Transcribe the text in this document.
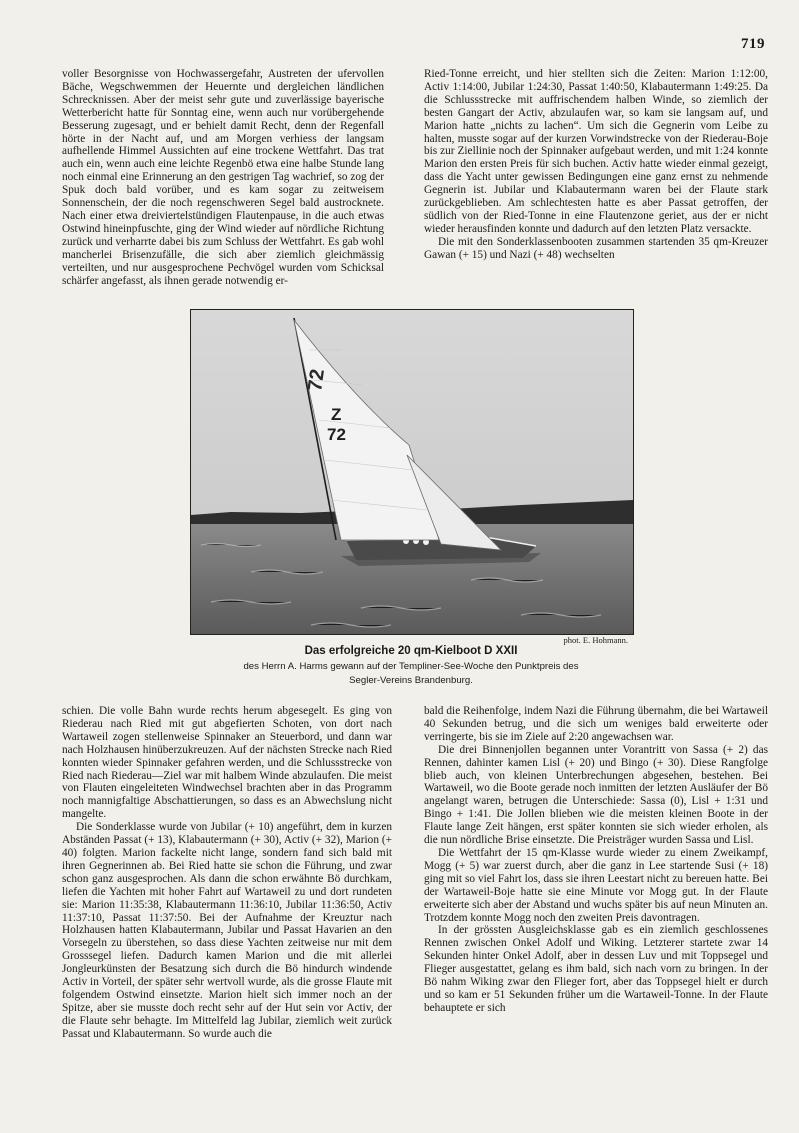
719

voller Besorgnisse von Hochwassergefahr, Austreten der ufervollen Bäche, Wegschwemmen der Heuernte und dergleichen ländlichen Schrecknissen. Aber der meist sehr gute und zuverlässige bayerische Wetterbericht hatte für Sonntag eine, wenn auch nur vorübergehende Besserung zugesagt, und er behielt damit Recht, denn der Regenfall hörte in der Nacht auf, und am Morgen verhiess der langsam aufhellende Himmel Aussichten auf eine trockene Wettfahrt. Das trat auch ein, wenn auch eine leichte Regenbö etwa eine halbe Stunde lang noch einmal eine Erinnerung an den gestrigen Tag wachrief, so zog der Spuk doch bald vorüber, und es kam sogar zu zeitweisem Sonnenschein, der die noch regenschweren Segel bald austrocknete. Nach einer etwa dreiviertelstündigen Flautenpause, in die auch etwas Ostwind hineinpfuschte, ging der Wind wieder auf nördliche Richtung zurück und verharrte dabei bis zum Schluss der Wettfahrt. Es gab wohl mancherlei Brisenzufälle, die sich aber ziemlich gleichmässig verteilten, und nur ausgesprochene Pechvögel wurden vom Schicksal schärfer angefasst, als ihnen gerade notwendig er-

Ried-Tonne erreicht, und hier stellten sich die Zeiten: Marion 1:12:00, Activ 1:14:00, Jubilar 1:24:30, Passat 1:40:50, Klabautermann 1:49:25. Da die Schlussstrecke mit auffrischendem halben Winde, so ziemlich der besten Gangart der Activ, abzulaufen war, so kam sie langsam auf, und Marion hatte „nichts zu lachen“. Um sich die Gegnerin vom Leibe zu halten, musste sogar auf der kurzen Vorwindstrecke von der Riederau-Boje bis zur Ziellinie noch der Spinnaker aufgebaut werden, und mit 1:24 konnte Marion den ersten Preis für sich buchen. Activ hatte wieder einmal gezeigt, dass die Yacht unter gewissen Bedingungen eine ganz ernst zu nehmende Gegnerin ist. Jubilar und Klabautermann waren bei der Flaute stark zurückgeblieben. Am schlechtesten hatte es aber Passat getroffen, der südlich von der Ried-Tonne in eine Flautenzone geriet, aus der er nicht wieder herausfinden konnte und dadurch auf den letzten Platz versackte.

Die mit den Sonderklassenbooten zusammen startenden 35 qm-Kreuzer Gawan (+ 15) und Nazi (+ 48) wechselten

72
Z
72
phot. E. Hohmann.
Das erfolgreiche 20 qm-Kielboot D XXII
des Herrn A. Harms gewann auf der Templiner-See-Woche den Punktpreis des
Segler-Vereins Brandenburg.

schien. Die volle Bahn wurde rechts herum abgesegelt. Es ging von Riederau nach Ried mit gut abgefierten Schoten, von dort nach Wartaweil zogen stellenweise Spinnaker an Steuerbord, und dann war nach Holzhausen hinüberzukreuzen. Auf der nächsten Strecke nach Ried konnten wieder Spinnaker gefahren werden, und die Schlussstrecke von Ried nach Riederau—Ziel war mit halbem Winde abzulaufen. Die meist von Flauten eingeleiteten Windwechsel brachten aber in das Programm noch mannigfaltige Abschattierungen, so dass es an Abwechslung nicht mangelte.

Die Sonderklasse wurde von Jubilar (+ 10) angeführt, dem in kurzen Abständen Passat (+ 13), Klabautermann (+ 30), Activ (+ 32), Marion (+ 40) folgten. Marion fackelte nicht lange, sondern fand sich bald mit ihren Gegnerinnen ab. Bei Ried hatte sie schon die Führung, und zwar schon ganz ausgesprochen. Als dann die schon erwähnte Bö durchkam, liefen die Yachten mit hoher Fahrt auf Wartaweil zu und dort rundeten sie: Marion 11:35:38, Klabautermann 11:36:10, Jubilar 11:36:50, Activ 11:37:10, Passat 11:37:50. Bei der Aufnahme der Kreuztur nach Holzhausen hatten Klabautermann, Jubilar und Passat Havarien an den Vorsegeln zu überstehen, so dass diese Yachten zeitweise nur mit dem Grosssegel liefen. Dadurch kamen Marion und die mit allerlei Jongleurkünsten der Besatzung sich durch die Bö hindurch windende Activ in Vorteil, der später sehr wertvoll wurde, als die grosse Flaute mit folgendem Ostwind einsetzte. Marion hielt sich immer noch an der Spitze, aber sie musste doch recht sehr auf der Hut sein vor Activ, der die Flaute sehr behagte. Im Mittelfeld lag Jubilar, ziemlich weit zurück Passat und Klabautermann. So wurde auch die

bald die Reihenfolge, indem Nazi die Führung übernahm, die bei Wartaweil 40 Sekunden betrug, und die sich um weniges bald erweiterte oder verringerte, bis sie im Ziele auf 2:20 angewachsen war.

Die drei Binnenjollen begannen unter Vorantritt von Sassa (+ 2) das Rennen, dahinter kamen Lisl (+ 20) und Bingo (+ 30). Diese Rangfolge blieb auch, von kleinen Unterbrechungen abgesehen, bestehen. Bei Wartaweil, wo die Boote gerade noch inmitten der letzten Ausläufer der Bö angelangt waren, betrugen die Unterschiede: Sassa (0), Lisl + 1:31 und Bingo + 1:41. Die Jollen blieben wie die meisten kleinen Boote in der Flaute lange Zeit hängen, erst später konnten sie sich wieder erholen, als die nun nördliche Brise einsetzte. Die Preisträger wurden Sassa und Lisl.

Die Wettfahrt der 15 qm-Klasse wurde wieder zu einem Zweikampf, Mogg (+ 5) war zuerst durch, aber die ganz in Lee startende Susi (+ 18) ging mit so viel Fahrt los, dass sie ihren Leestart nicht zu bereuen hatte. Bei der Wartaweil-Boje hatte sie eine Minute vor Mogg gut. In der Flaute erweiterte sich aber der Abstand und wuchs später bis auf neun Minuten an. Trotzdem konnte Mogg noch den zweiten Preis davontragen.

In der grössten Ausgleichsklasse gab es ein ziemlich geschlossenes Rennen zwischen Onkel Adolf und Wiking. Letzterer startete zwar 14 Sekunden hinter Onkel Adolf, aber in dessen Luv und mit Toppsegel und Flieger ausgestattet, gelang es ihm bald, sich nach vorn zu bringen. In der Bö nahm Wiking zwar den Flieger fort, aber das Toppsegel hielt er durch und so kam er 51 Sekunden früher um die Wartaweil-Tonne. In der Flaute behauptete er sich
